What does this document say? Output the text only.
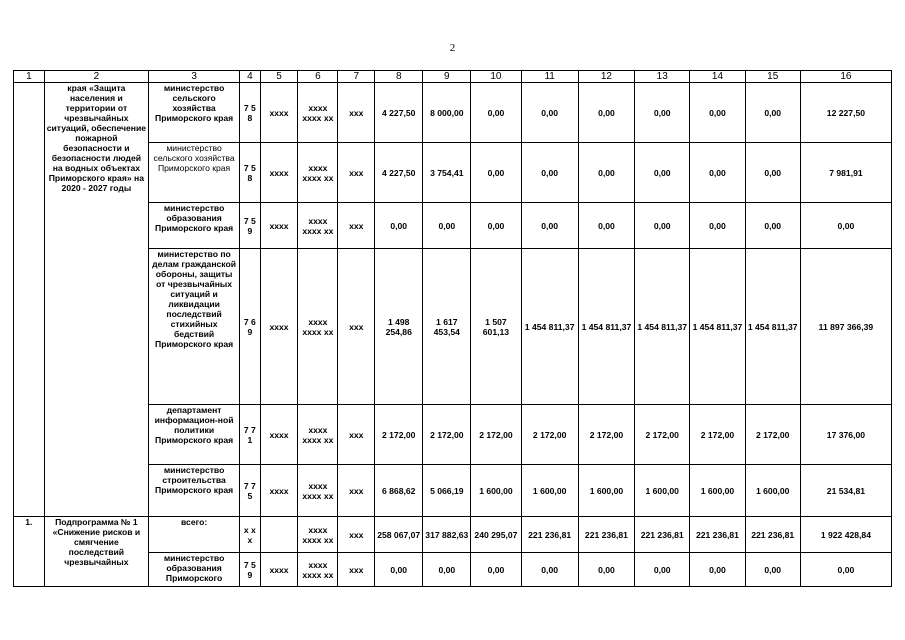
2
1	2	3	4	5	6	7	8	9	10	11	12	13	14	15	16
	края «Защита населения и территории от чрезвычайных ситуаций, обеспечение пожарной безопасности и безопасности людей на водных объектах Приморского края» на 2020 - 2027 годы	министерство сельского хозяйства Приморского края	7 5 8	хххх	хххх хххх хх	ххх	4 227,50	8 000,00	0,00	0,00	0,00	0,00	0,00	0,00	12 227,50
		министерство сельского хозяйства Приморского края	7 5 8	хххх	хххх хххх хх	ххх	4 227,50	3 754,41	0,00	0,00	0,00	0,00	0,00	0,00	7 981,91
		министерство образования Приморского края	7 5 9	хххх	хххх хххх хх	ххх	0,00	0,00	0,00	0,00	0,00	0,00	0,00	0,00	0,00
		министерство по делам гражданской обороны, защиты от чрезвычайных ситуаций и ликвидации последствий стихийных бедствий Приморского края	7 6 9	хххх	хххх хххх хх	ххх	1 498 254,86	1 617 453,54	1 507 601,13	1 454 811,37	1 454 811,37	1 454 811,37	1 454 811,37	1 454 811,37	11 897 366,39
		департамент информацион-ной политики Приморского края	7 7 1	хххх	хххх хххх хх	ххх	2 172,00	2 172,00	2 172,00	2 172,00	2 172,00	2 172,00	2 172,00	2 172,00	17 376,00
		министерство строительства Приморского края	7 7 5	хххх	хххх хххх хх	ххх	6 868,62	5 066,19	1 600,00	1 600,00	1 600,00	1 600,00	1 600,00	1 600,00	21 534,81
1.	Подпрограмма № 1 «Снижение рисков и смягчение последствий чрезвычайных	всего:	х х х		хххх хххх хх	ххх	258 067,07	317 882,63	240 295,07	221 236,81	221 236,81	221 236,81	221 236,81	221 236,81	1 922 428,84
		министерство образования Приморского	7 5 9	хххх	хххх хххх хх	ххх	0,00	0,00	0,00	0,00	0,00	0,00	0,00	0,00	0,00
